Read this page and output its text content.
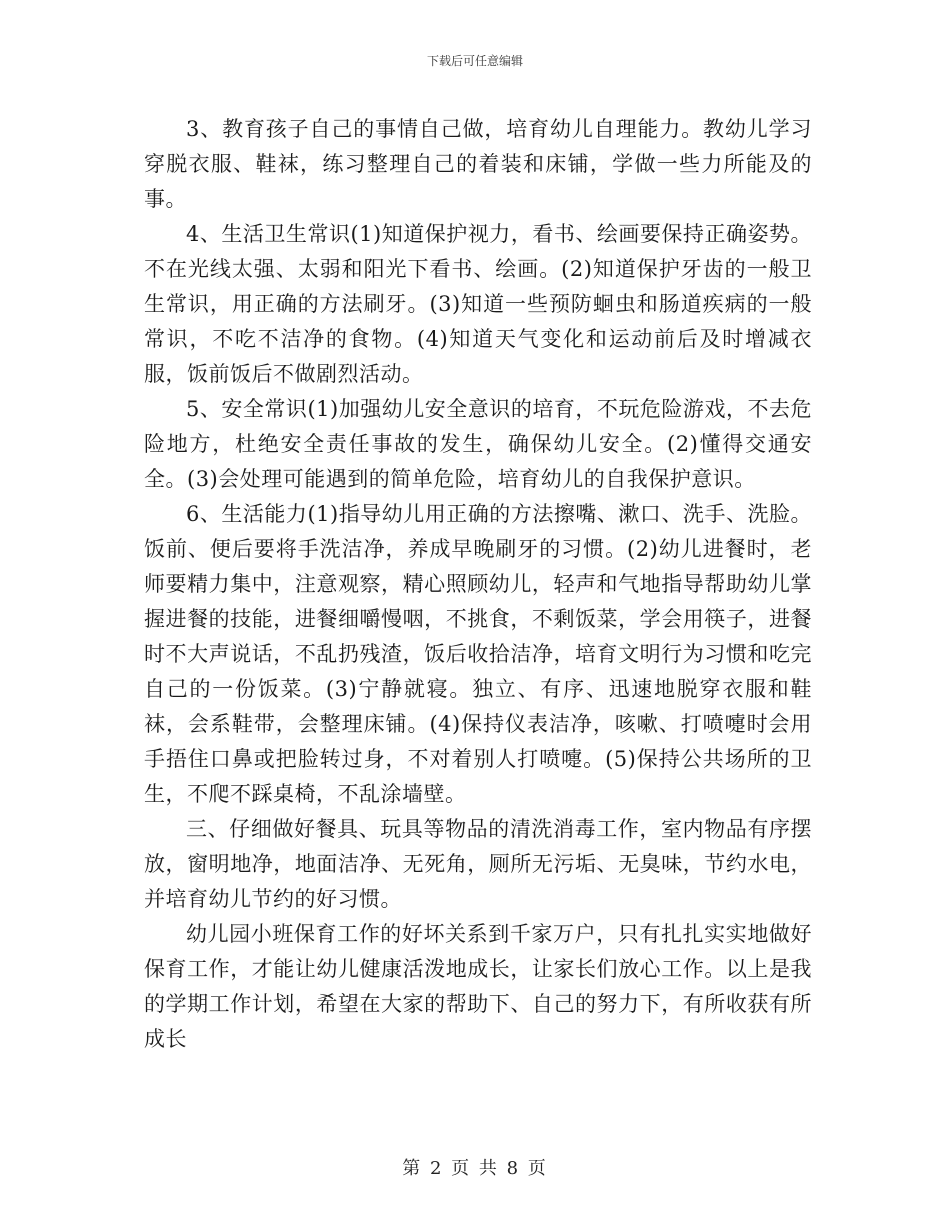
下载后可任意编辑

3、教育孩子自己的事情自己做，培育幼儿自理能力。教幼儿学习穿脱衣服、鞋袜，练习整理自己的着装和床铺，学做一些力所能及的事。

4、生活卫生常识(1)知道保护视力，看书、绘画要保持正确姿势。不在光线太强、太弱和阳光下看书、绘画。(2)知道保护牙齿的一般卫生常识，用正确的方法刷牙。(3)知道一些预防蛔虫和肠道疾病的一般常识，不吃不洁净的食物。(4)知道天气变化和运动前后及时增减衣服，饭前饭后不做剧烈活动。

5、安全常识(1)加强幼儿安全意识的培育，不玩危险游戏，不去危险地方，杜绝安全责任事故的发生，确保幼儿安全。(2)懂得交通安全。(3)会处理可能遇到的简单危险，培育幼儿的自我保护意识。

6、生活能力(1)指导幼儿用正确的方法擦嘴、漱口、洗手、洗脸。饭前、便后要将手洗洁净，养成早晚刷牙的习惯。(2)幼儿进餐时，老师要精力集中，注意观察，精心照顾幼儿，轻声和气地指导帮助幼儿掌握进餐的技能，进餐细嚼慢咽，不挑食，不剩饭菜，学会用筷子，进餐时不大声说话，不乱扔残渣，饭后收拾洁净，培育文明行为习惯和吃完自己的一份饭菜。(3)宁静就寝。独立、有序、迅速地脱穿衣服和鞋袜，会系鞋带，会整理床铺。(4)保持仪表洁净，咳嗽、打喷嚏时会用手捂住口鼻或把脸转过身，不对着别人打喷嚏。(5)保持公共场所的卫生，不爬不踩桌椅，不乱涂墙壁。

三、仔细做好餐具、玩具等物品的清洗消毒工作，室内物品有序摆放，窗明地净，地面洁净、无死角，厕所无污垢、无臭味，节约水电，并培育幼儿节约的好习惯。

幼儿园小班保育工作的好坏关系到千家万户，只有扎扎实实地做好保育工作，才能让幼儿健康活泼地成长，让家长们放心工作。以上是我的学期工作计划，希望在大家的帮助下、自己的努力下，有所收获有所成长

第 2 页 共 8 页
